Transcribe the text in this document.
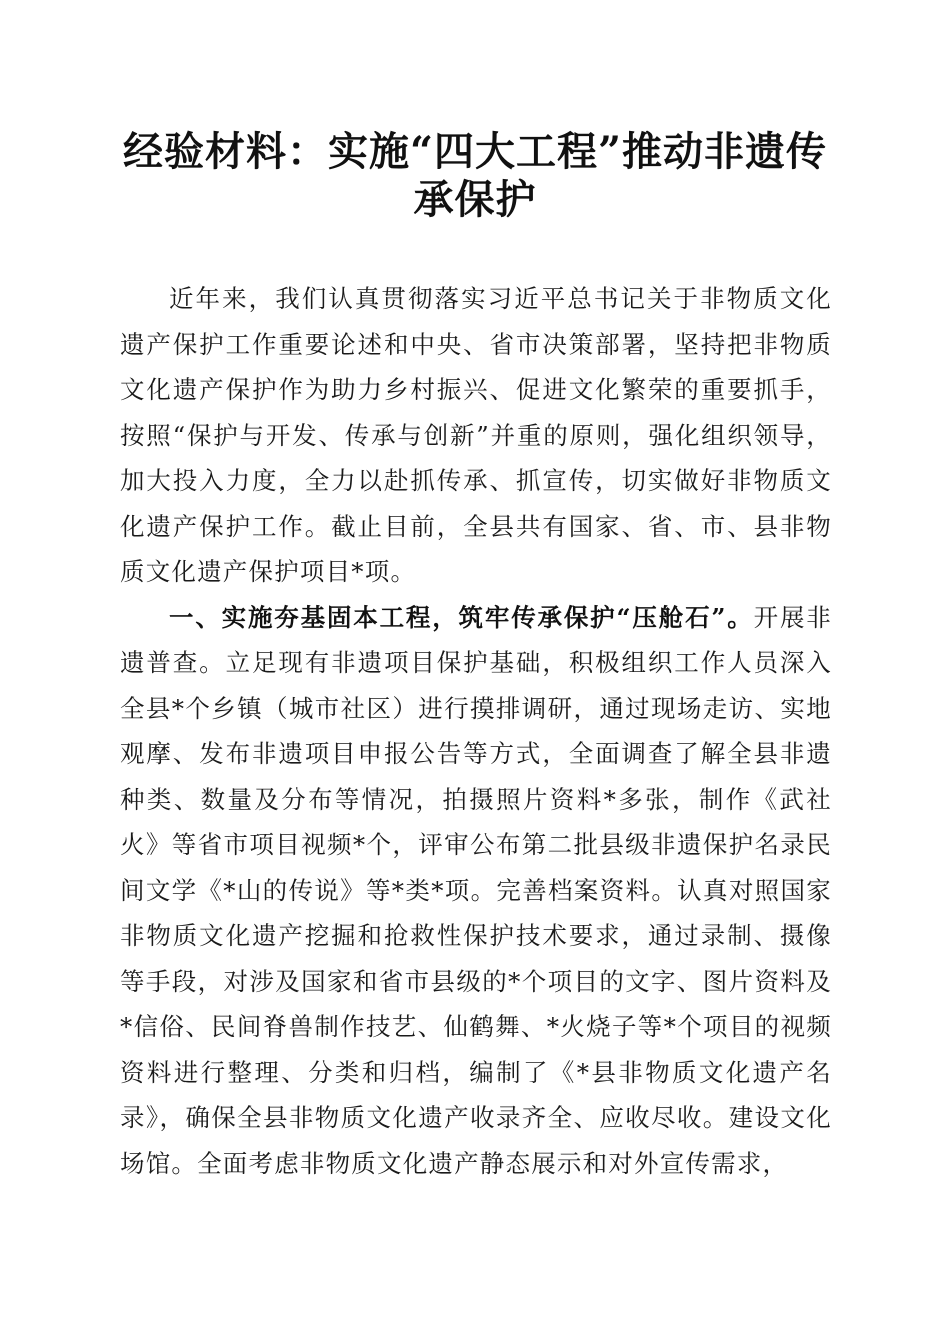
经验材料：实施“四大工程”推动非遗传承保护

近年来，我们认真贯彻落实习近平总书记关于非物质文化遗产保护工作重要论述和中央、省市决策部署，坚持把非物质文化遗产保护作为助力乡村振兴、促进文化繁荣的重要抓手，按照“保护与开发、传承与创新”并重的原则，强化组织领导，加大投入力度，全力以赴抓传承、抓宣传，切实做好非物质文化遗产保护工作。截止目前，全县共有国家、省、市、县非物质文化遗产保护项目*项。

一、实施夯基固本工程，筑牢传承保护“压舱石”。开展非遗普查。立足现有非遗项目保护基础，积极组织工作人员深入全县*个乡镇（城市社区）进行摸排调研，通过现场走访、实地观摩、发布非遗项目申报公告等方式，全面调查了解全县非遗种类、数量及分布等情况，拍摄照片资料*多张，制作《武社火》等省市项目视频*个，评审公布第二批县级非遗保护名录民间文学《*山的传说》等*类*项。完善档案资料。认真对照国家非物质文化遗产挖掘和抢救性保护技术要求，通过录制、摄像等手段，对涉及国家和省市县级的*个项目的文字、图片资料及*信俗、民间脊兽制作技艺、仙鹤舞、*火烧子等*个项目的视频资料进行整理、分类和归档，编制了《*县非物质文化遗产名录》，确保全县非物质文化遗产收录齐全、应收尽收。建设文化场馆。全面考虑非物质文化遗产静态展示和对外宣传需求，
